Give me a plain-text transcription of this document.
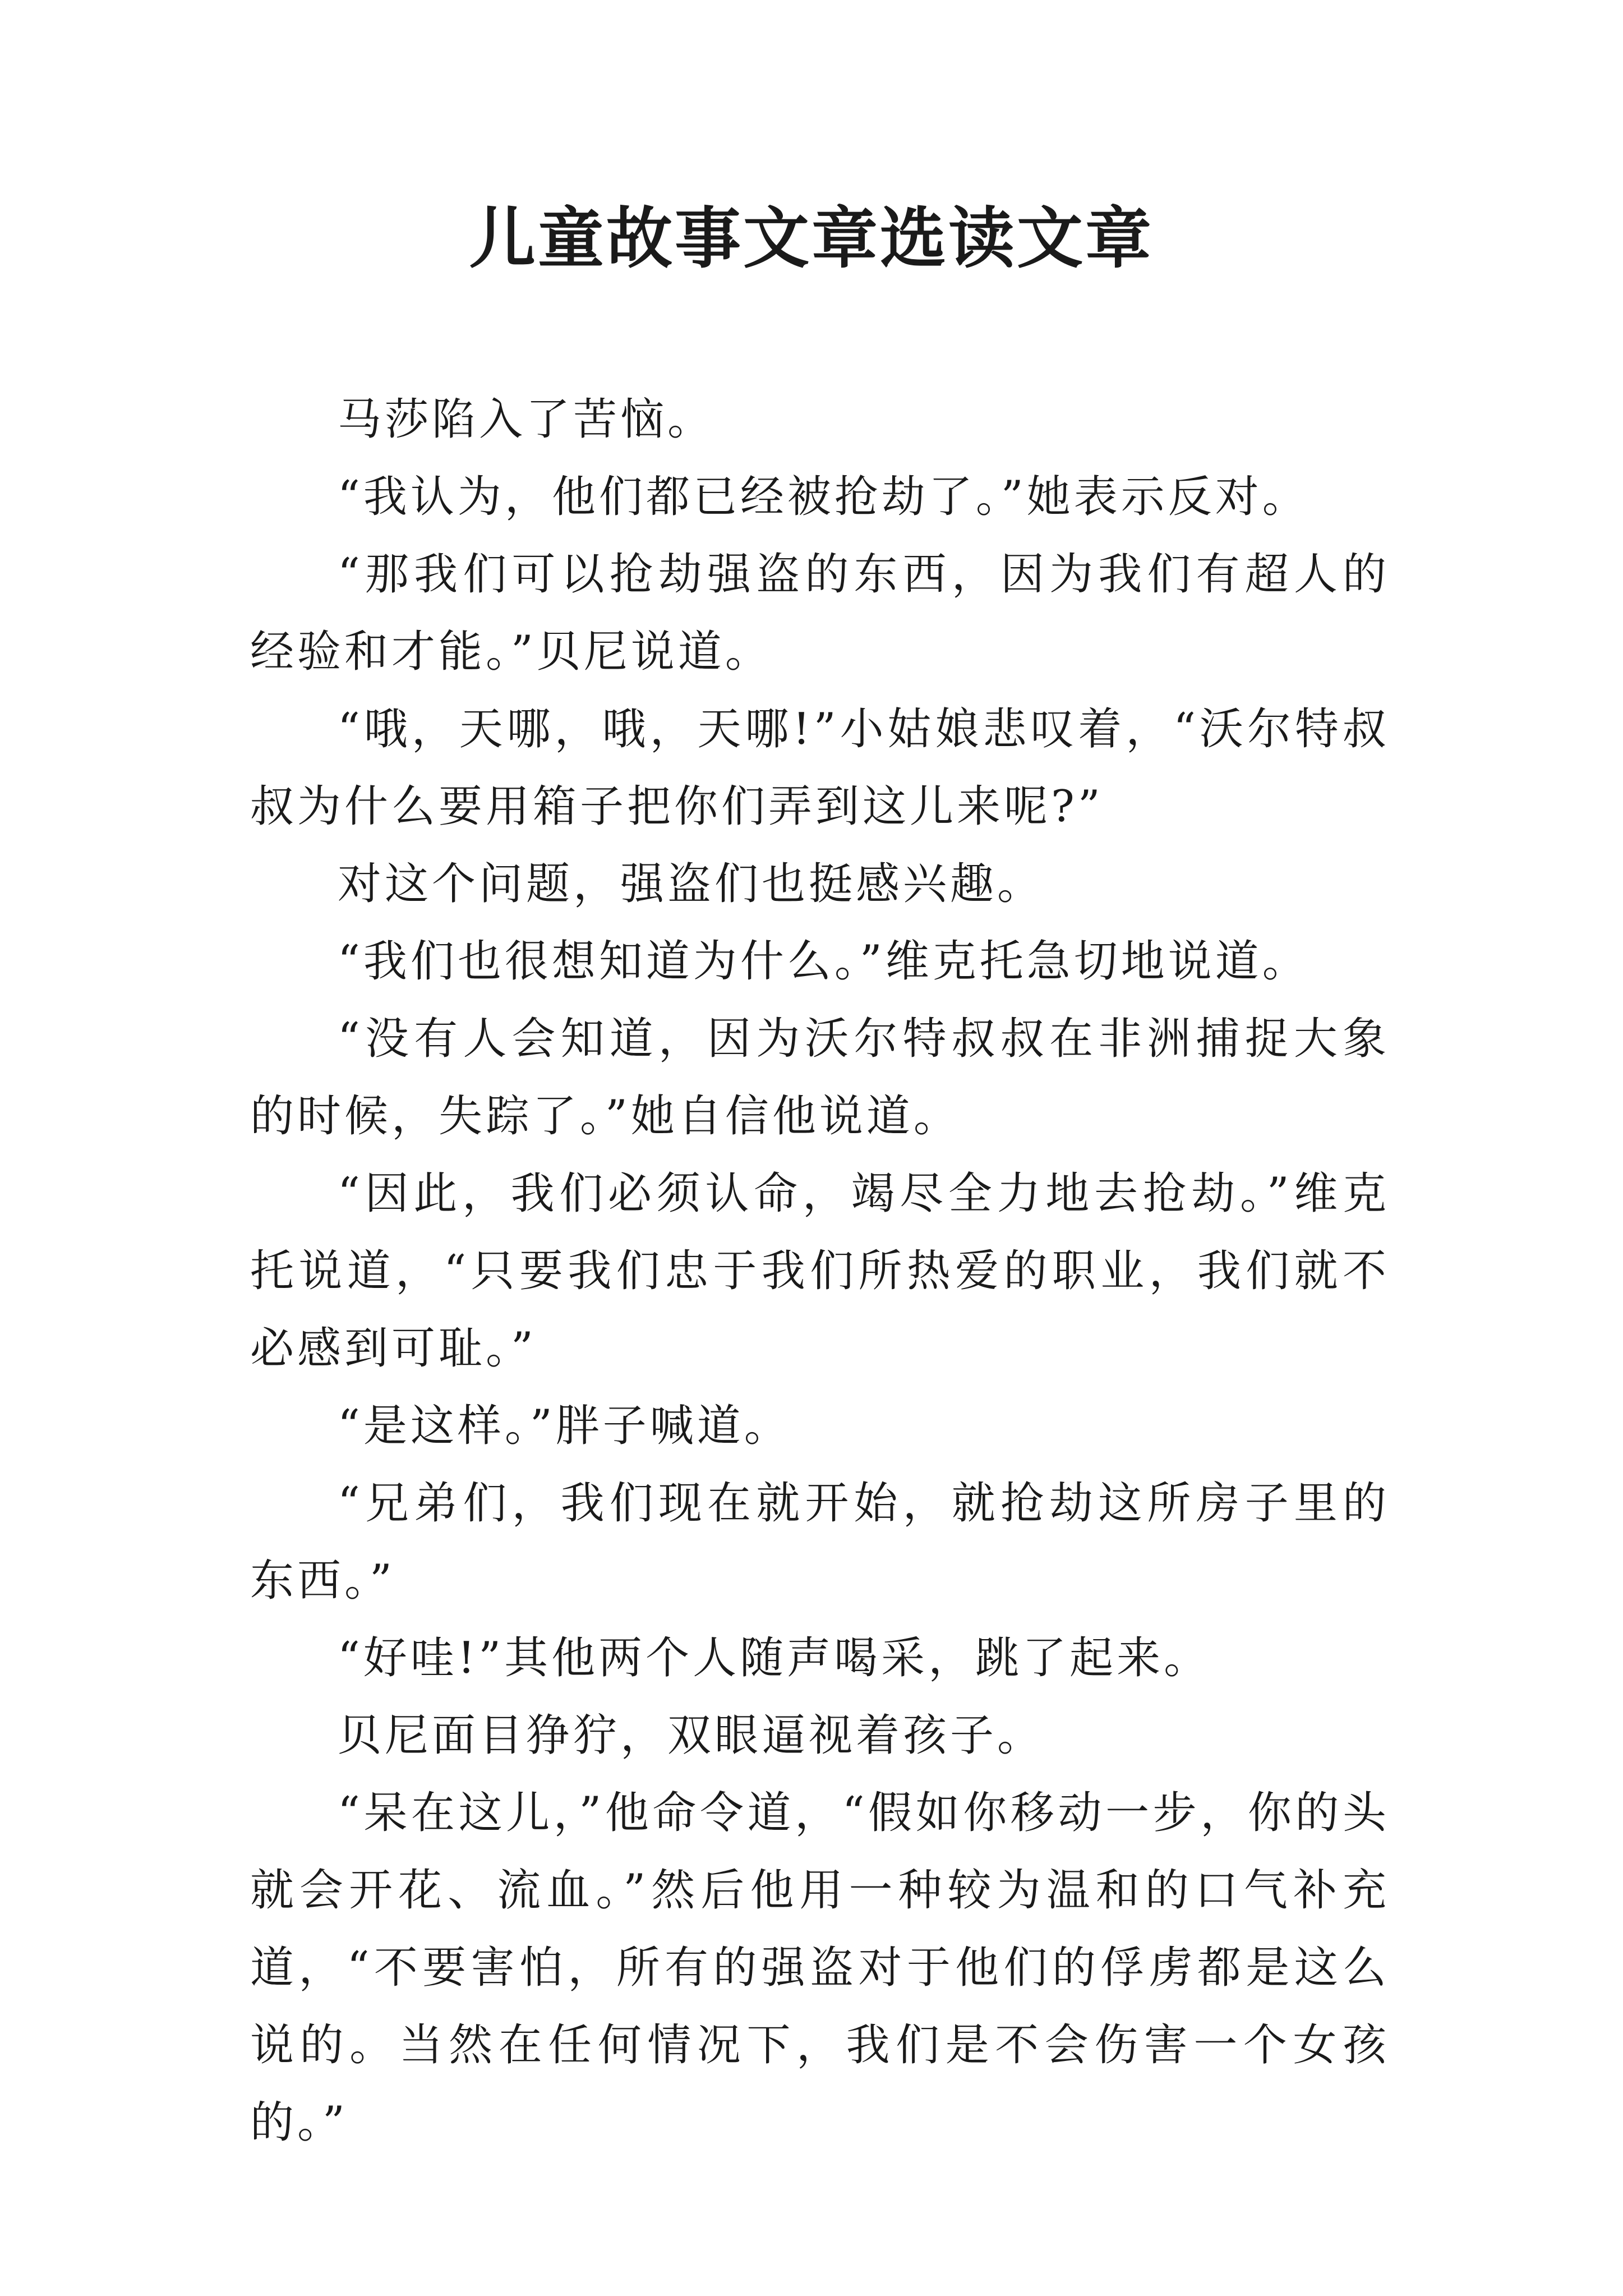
儿童故事文章选读文章

马莎陷入了苦恼。

“我认为，他们都已经被抢劫了。”她表示反对。

“那我们可以抢劫强盗的东西，因为我们有超人的经验和才能。”贝尼说道。

“哦，天哪，哦，天哪!”小姑娘悲叹着，“沃尔特叔叔为什么要用箱子把你们弄到这儿来呢?”

对这个问题，强盗们也挺感兴趣。

“我们也很想知道为什么。”维克托急切地说道。

“没有人会知道，因为沃尔特叔叔在非洲捕捉大象的时候，失踪了。”她自信他说道。

“因此，我们必须认命，竭尽全力地去抢劫。”维克托说道，“只要我们忠于我们所热爱的职业，我们就不必感到可耻。”

“是这样。”胖子喊道。

“兄弟们，我们现在就开始，就抢劫这所房子里的东西。”

“好哇!”其他两个人随声喝采，跳了起来。

贝尼面目狰狞，双眼逼视着孩子。

“呆在这儿，”他命令道，“假如你移动一步，你的头就会开花、流血。”然后他用一种较为温和的口气补充道，“不要害怕，所有的强盗对于他们的俘虏都是这么说的。当然在任何情况下，我们是不会伤害一个女孩的。”
